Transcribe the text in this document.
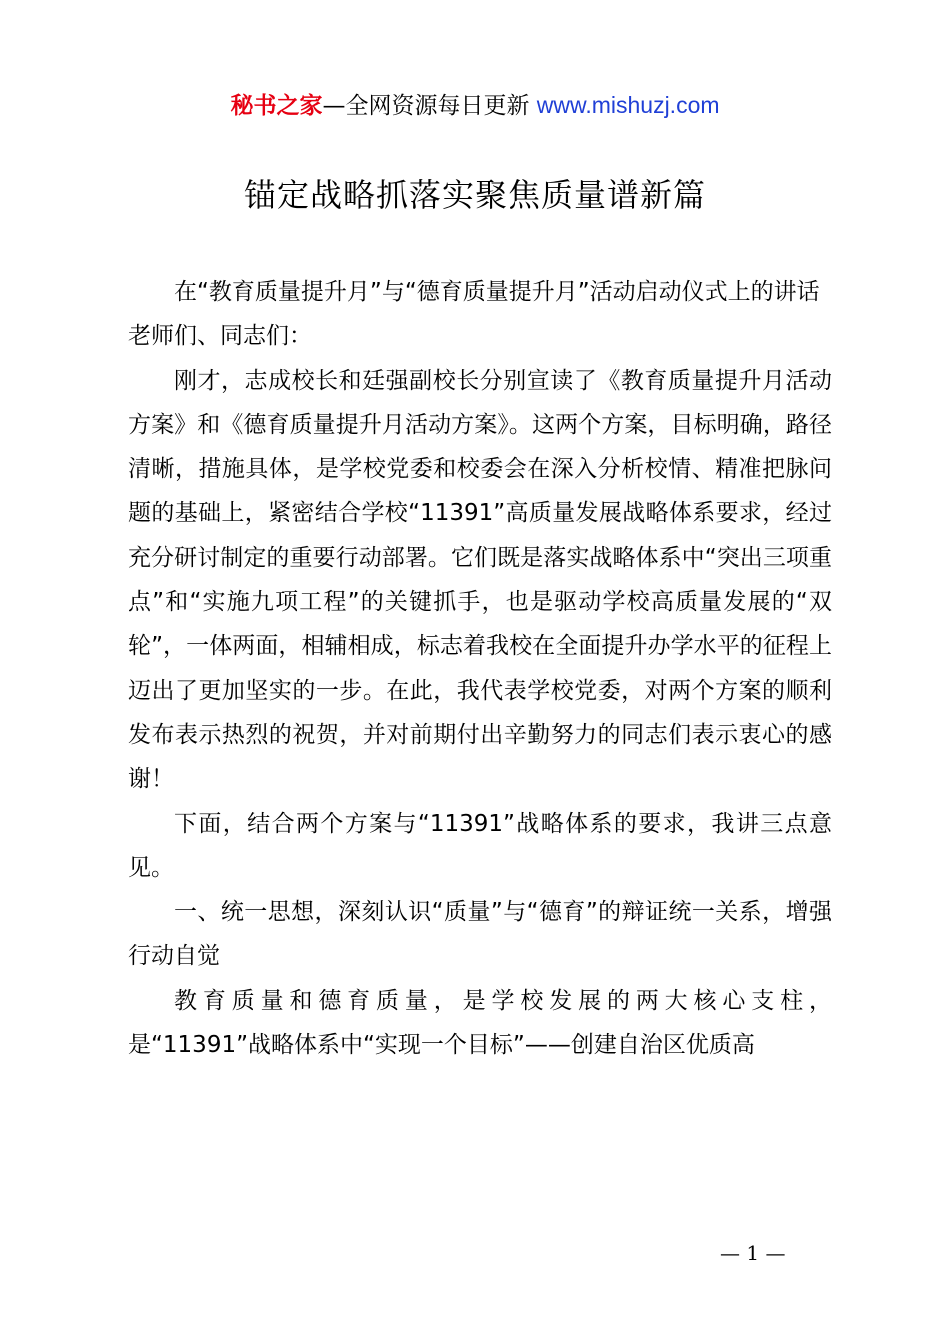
秘书之家—全网资源每日更新 www.mishuzj.com
锚定战略抓落实聚焦质量谱新篇

在“教育质量提升月”与“德育质量提升月”活动启动仪式上的讲话

老师们、同志们：

刚才，志成校长和廷强副校长分别宣读了《教育质量提升月活动方案》和《德育质量提升月活动方案》。这两个方案，目标明确，路径清晰，措施具体，是学校党委和校委会在深入分析校情、精准把脉问题的基础上，紧密结合学校“11391”高质量发展战略体系要求，经过充分研讨制定的重要行动部署。它们既是落实战略体系中“突出三项重点”和“实施九项工程”的关键抓手，也是驱动学校高质量发展的“双轮”，一体两面，相辅相成，标志着我校在全面提升办学水平的征程上迈出了更加坚实的一步。在此，我代表学校党委，对两个方案的顺利发布表示热烈的祝贺，并对前期付出辛勤努力的同志们表示衷心的感谢！

下面，结合两个方案与“11391”战略体系的要求，我讲三点意见。

一、统一思想，深刻认识“质量”与“德育”的辩证统一关系，增强行动自觉

教育质量和德育质量，是学校发展的两大核心支柱，是“11391”战略体系中“实现一个目标”——创建自治区优质高

— 1 —
